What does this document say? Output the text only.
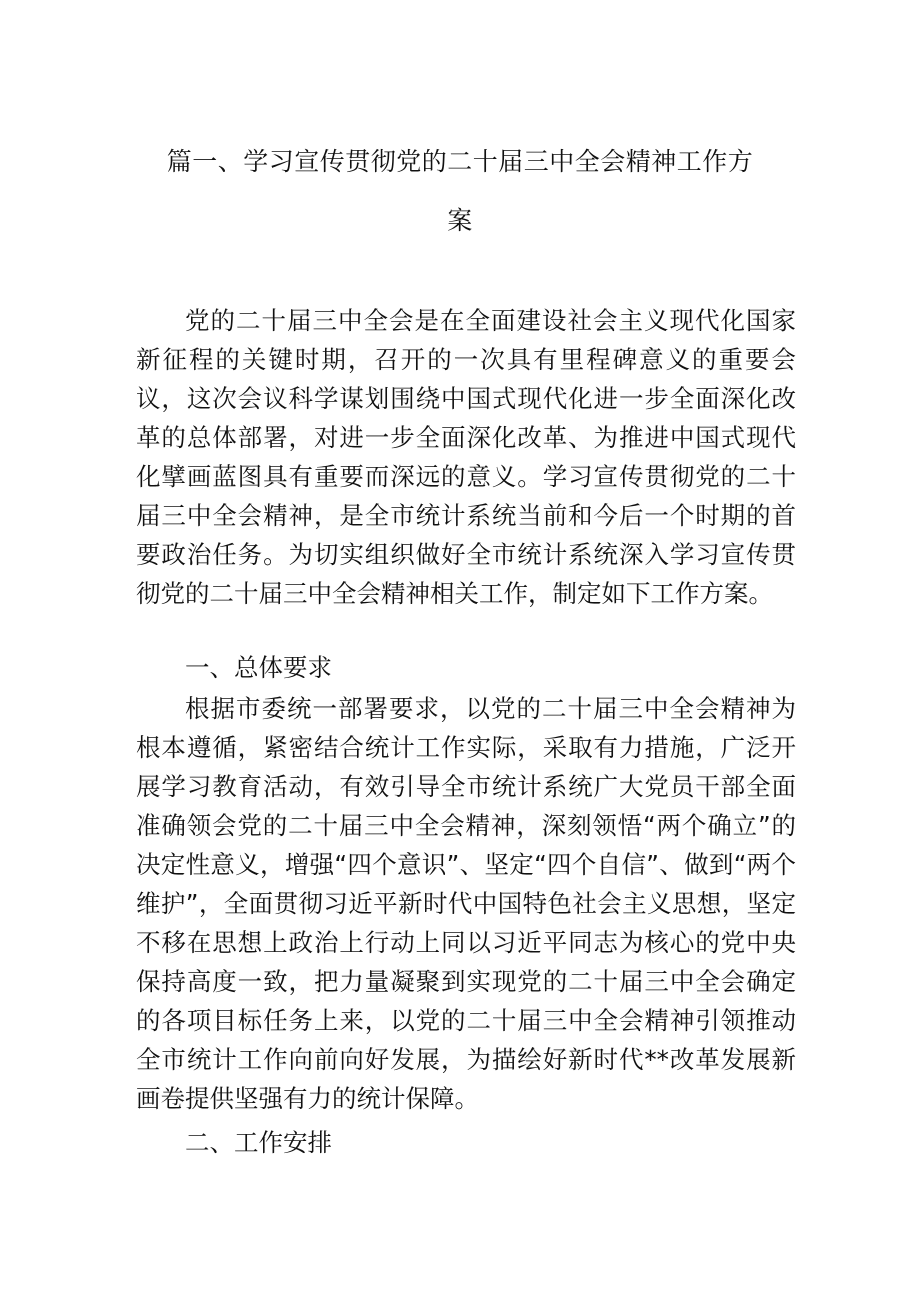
篇一、学习宣传贯彻党的二十届三中全会精神工作方
案

党的二十届三中全会是在全面建设社会主义现代化国家新征程的关键时期，召开的一次具有里程碑意义的重要会议，这次会议科学谋划围绕中国式现代化进一步全面深化改革的总体部署，对进一步全面深化改革、为推进中国式现代化擘画蓝图具有重要而深远的意义。学习宣传贯彻党的二十届三中全会精神，是全市统计系统当前和今后一个时期的首要政治任务。为切实组织做好全市统计系统深入学习宣传贯彻党的二十届三中全会精神相关工作，制定如下工作方案。

一、总体要求

根据市委统一部署要求，以党的二十届三中全会精神为根本遵循，紧密结合统计工作实际，采取有力措施，广泛开展学习教育活动，有效引导全市统计系统广大党员干部全面准确领会党的二十届三中全会精神，深刻领悟“两个确立”的决定性意义，增强“四个意识”、坚定“四个自信”、做到“两个维护”，全面贯彻习近平新时代中国特色社会主义思想，坚定不移在思想上政治上行动上同以习近平同志为核心的党中央保持高度一致，把力量凝聚到实现党的二十届三中全会确定的各项目标任务上来，以党的二十届三中全会精神引领推动全市统计工作向前向好发展，为描绘好新时代**改革发展新画卷提供坚强有力的统计保障。

二、工作安排
